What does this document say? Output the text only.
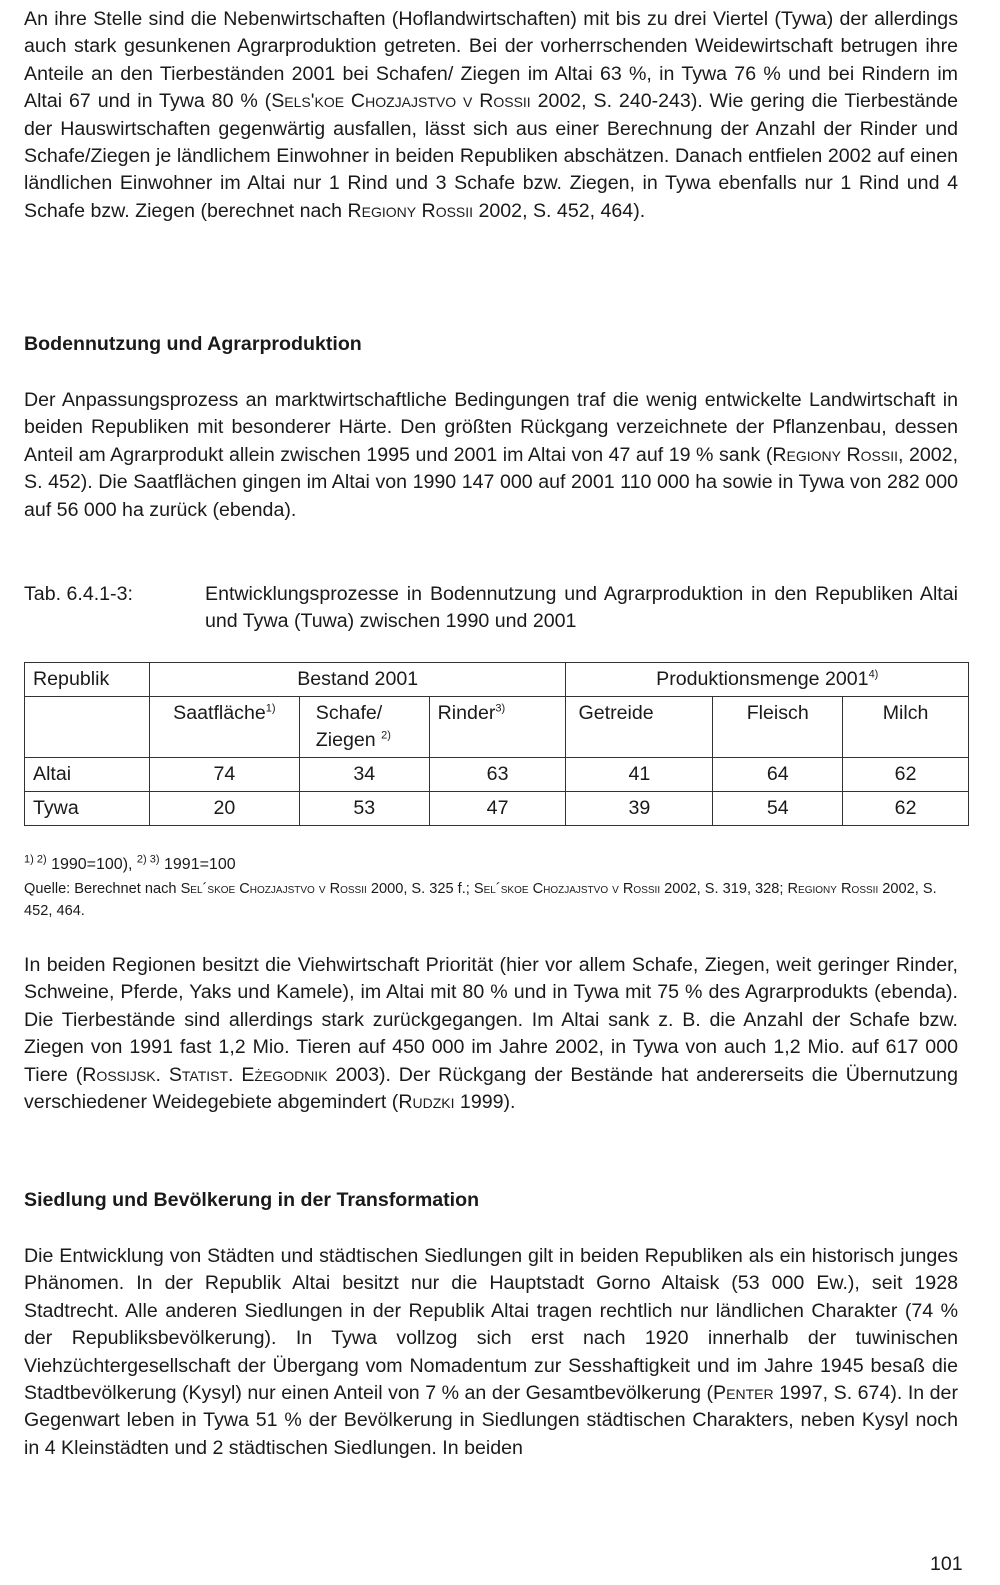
An ihre Stelle sind die Nebenwirtschaften (Hoflandwirtschaften) mit bis zu drei Viertel (Tywa) der allerdings auch stark gesunkenen Agrarproduktion getreten. Bei der vorherrschenden Weidewirtschaft betrugen ihre Anteile an den Tierbeständen 2001 bei Schafen/ Ziegen im Altai 63 %, in Tywa 76 % und bei Rindern im Altai 67 und in Tywa 80 % (Sels'koe Chozjajstvo v Rossii 2002, S. 240-243). Wie gering die Tierbestände der Hauswirtschaften gegenwärtig ausfallen, lässt sich aus einer Berechnung der Anzahl der Rinder und Schafe/Ziegen je ländlichem Einwohner in beiden Republiken abschätzen. Danach entfielen 2002 auf einen ländlichen Einwohner im Altai nur 1 Rind und 3 Schafe bzw. Ziegen, in Tywa ebenfalls nur 1 Rind und 4 Schafe bzw. Ziegen (berechnet nach Regiony Rossii 2002, S. 452, 464).

Bodennutzung und Agrarproduktion

Der Anpassungsprozess an marktwirtschaftliche Bedingungen traf die wenig entwickelte Landwirtschaft in beiden Republiken mit besonderer Härte. Den größten Rückgang verzeichnete der Pflanzenbau, dessen Anteil am Agrarprodukt allein zwischen 1995 und 2001 im Altai von 47 auf 19 % sank (Regiony Rossii, 2002, S. 452). Die Saatflächen gingen im Altai von 1990 147 000 auf 2001 110 000 ha sowie in Tywa von 282 000 auf 56 000 ha zurück (ebenda).

Tab. 6.4.1-3:	Entwicklungsprozesse in Bodennutzung und Agrarproduktion in den Republiken Altai und Tywa (Tuwa) zwischen 1990 und 2001
Republik	Bestand 2001			Produktionsmenge 2001$^{4)}$
	Saatfläche$^{1)}$	Schafe/
Ziegen $^{2)}$	Rinder$^{3)}$	Getreide	Fleisch	Milch
Altai	74	34	63	41	64	62
Tywa	20	53	47	39	54	62
$^{1) 2)}$ 1990=100), $^{2) 3)}$ 1991=100
Quelle: Berechnet nach Sel´skoe Chozjajstvo v Rossii 2000, S. 325 f.; Sel´skoe Chozjajstvo v Rossii 2002, S. 319, 328; Regiony Rossii 2002, S. 452, 464.

In beiden Regionen besitzt die Viehwirtschaft Priorität (hier vor allem Schafe, Ziegen, weit geringer Rinder, Schweine, Pferde, Yaks und Kamele), im Altai mit 80 % und in Tywa mit 75 % des Agrarprodukts (ebenda). Die Tierbestände sind allerdings stark zurückgegangen. Im Altai sank z. B. die Anzahl der Schafe bzw. Ziegen von 1991 fast 1,2 Mio. Tieren auf 450 000 im Jahre 2002, in Tywa von auch 1,2 Mio. auf 617 000 Tiere (Rossijsk. Statist. Eżegodnik 2003). Der Rückgang der Bestände hat andererseits die Übernutzung verschiedener Weidegebiete abgemindert (Rudzki 1999).

Siedlung und Bevölkerung in der Transformation

Die Entwicklung von Städten und städtischen Siedlungen gilt in beiden Republiken als ein historisch junges Phänomen. In der Republik Altai besitzt nur die Hauptstadt Gorno Altaisk (53 000 Ew.), seit 1928 Stadtrecht. Alle anderen Siedlungen in der Republik Altai tragen rechtlich nur ländlichen Charakter (74 % der Republiksbevölkerung). In Tywa vollzog sich erst nach 1920 innerhalb der tuwinischen Viehzüchtergesellschaft der Übergang vom Nomadentum zur Sesshaftigkeit und im Jahre 1945 besaß die Stadtbevölkerung (Kysyl) nur einen Anteil von 7 % an der Gesamtbevölkerung (Penter 1997, S. 674). In der Gegenwart leben in Tywa 51 % der Bevölkerung in Siedlungen städtischen Charakters, neben Kysyl noch in 4 Kleinstädten und 2 städtischen Siedlungen. In beiden

101
